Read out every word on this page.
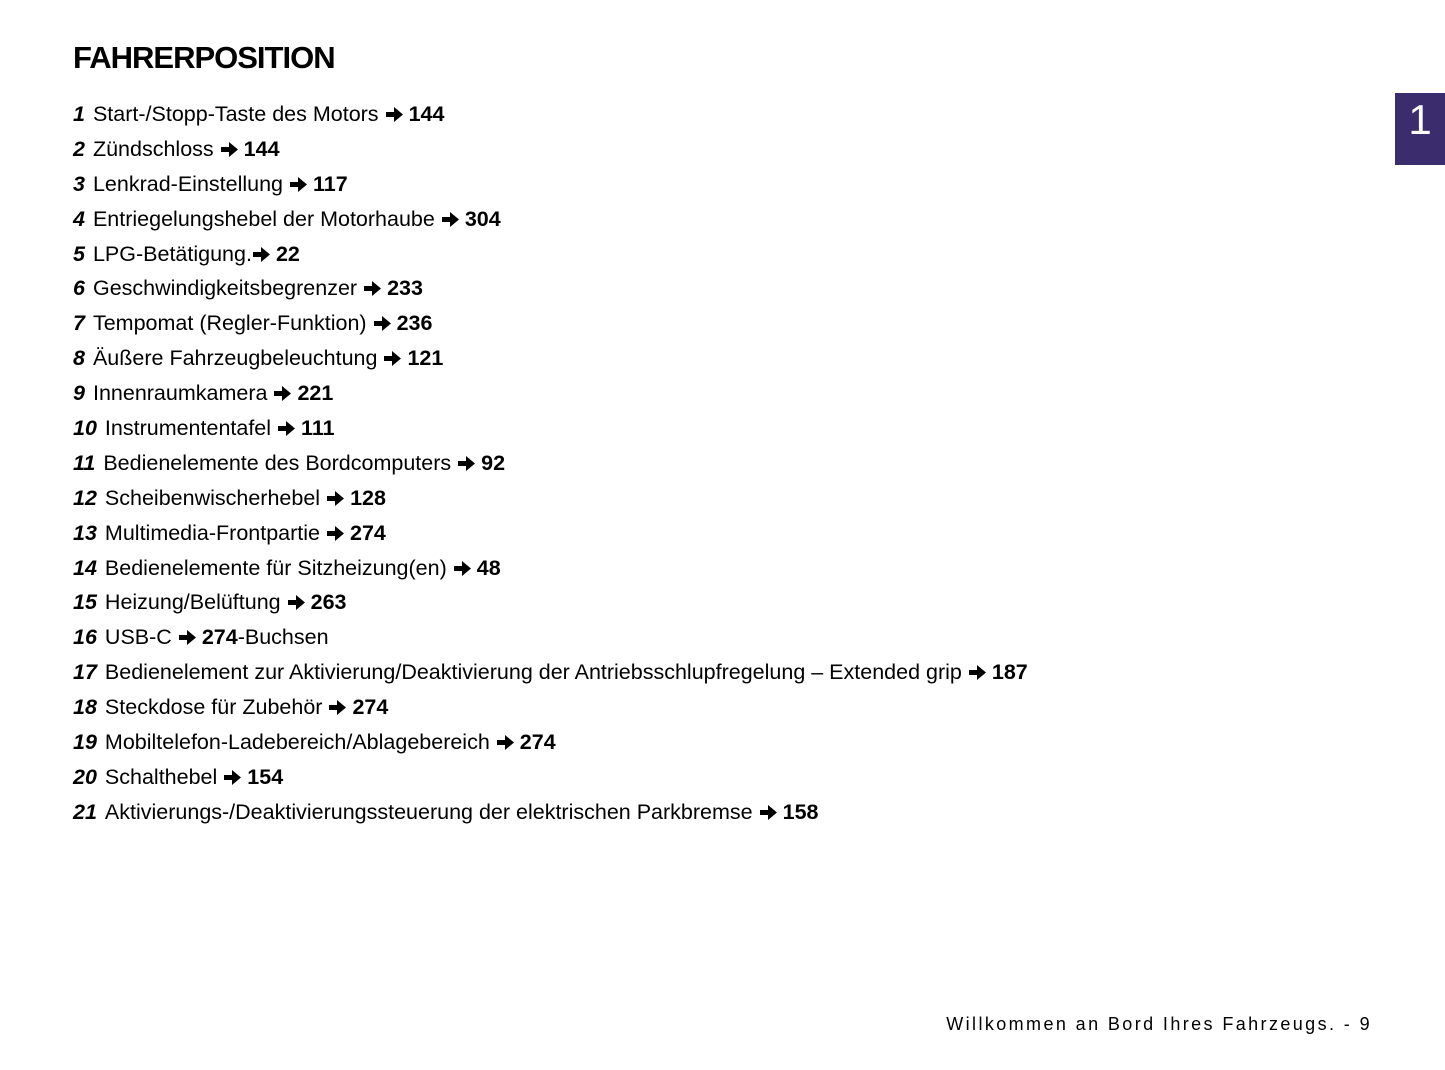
FAHRERPOSITION
1
1 Start-/Stopp-Taste des Motors 144
2 Zündschloss 144
3 Lenkrad-Einstellung 117
4 Entriegelungshebel der Motorhaube 304
5 LPG-Betätigung. 22
6 Geschwindigkeitsbegrenzer 233
7 Tempomat (Regler-Funktion) 236
8 Äußere Fahrzeugbeleuchtung 121
9 Innenraumkamera 221
10 Instrumententafel 111
11 Bedienelemente des Bordcomputers 92
12 Scheibenwischerhebel 128
13 Multimedia-Frontpartie 274
14 Bedienelemente für Sitzheizung(en) 48
15 Heizung/Belüftung 263
16 USB-C 274-Buchsen
17 Bedienelement zur Aktivierung/Deaktivierung der Antriebsschlupfregelung – Extended grip 187
18 Steckdose für Zubehör 274
19 Mobiltelefon-Ladebereich/Ablagebereich 274
20 Schalthebel 154
21 Aktivierungs-/Deaktivierungssteuerung der elektrischen Parkbremse 158
Willkommen an Bord Ihres Fahrzeugs. - 9
